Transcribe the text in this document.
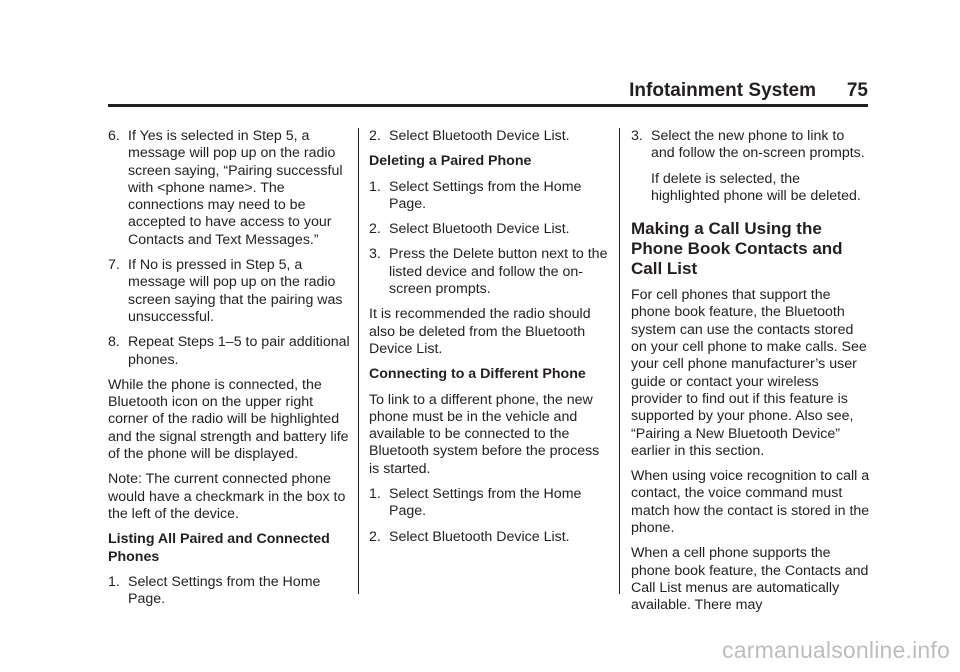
Infotainment System 75
6. If Yes is selected in Step 5, a message will pop up on the radio screen saying, “Pairing successful with <phone name>. The connections may need to be accepted to have access to your Contacts and Text Messages.”
7. If No is pressed in Step 5, a message will pop up on the radio screen saying that the pairing was unsuccessful.
8. Repeat Steps 1–5 to pair additional phones.

While the phone is connected, the Bluetooth icon on the upper right corner of the radio will be highlighted and the signal strength and battery life of the phone will be displayed.

Note: The current connected phone would have a checkmark in the box to the left of the device.

Listing All Paired and Connected Phones

1. Select Settings from the Home Page.
2. Select Bluetooth Device List.

Deleting a Paired Phone

1. Select Settings from the Home Page.
2. Select Bluetooth Device List.
3. Press the Delete button next to the listed device and follow the on-screen prompts.

It is recommended the radio should also be deleted from the Bluetooth Device List.

Connecting to a Different Phone

To link to a different phone, the new phone must be in the vehicle and available to be connected to the Bluetooth system before the process is started.

1. Select Settings from the Home Page.
2. Select Bluetooth Device List.
3. Select the new phone to link to and follow the on-screen prompts.

If delete is selected, the highlighted phone will be deleted.

Making a Call Using the Phone Book Contacts and Call List

For cell phones that support the phone book feature, the Bluetooth system can use the contacts stored on your cell phone to make calls. See your cell phone manufacturer’s user guide or contact your wireless provider to find out if this feature is supported by your phone. Also see, “Pairing a New Bluetooth Device” earlier in this section.

When using voice recognition to call a contact, the voice command must match how the contact is stored in the phone.

When a cell phone supports the phone book feature, the Contacts and Call List menus are automatically available. There may

carmanualsonline.info
